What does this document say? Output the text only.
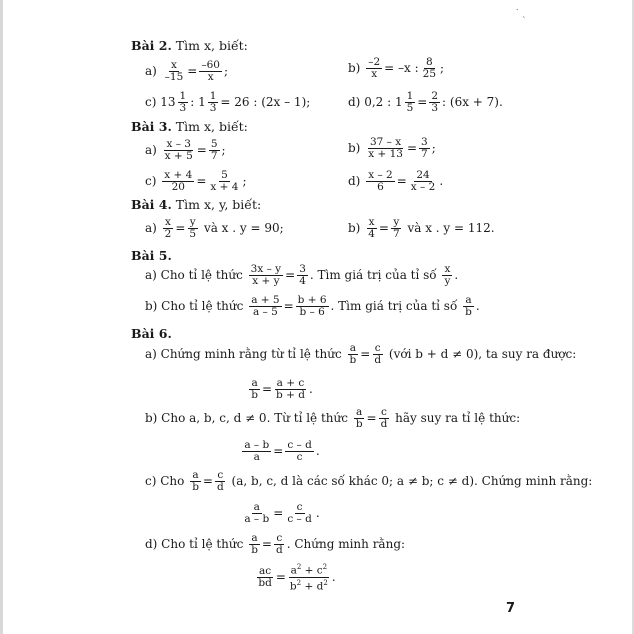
˙ ˎ
Bài 2. Tìm x, biết:
a)
$\frac{x}{-15} = \frac{-60}{x}$ ;	b)
$\frac{-2}{x} = -x$ : 8
25 ;
c)
13 1
3 :
1 1
3 = 26 : (2x – 1);	d)
0,2 : $1 \frac{1}{5} = \frac{2}{3}$ : (6x + 7).
Bài 3. Tìm x, biết:
a)
$\frac{x - 3}{x + 5} = \frac{5}{7}$ ;	b)
$\frac{37 - x}{x + 13} = \frac{3}{7}$ ;
c)
$\frac{x + 4}{20} = \frac{5}{x + 4}$ ;	d)
$\frac{x - 2}{6} = \frac{24}{x - 2}$ .
Bài 4. Tìm x, y, biết:
a)
$\frac{x}{2} = \frac{y}{5}$
và x . y = 90;	b)
$\frac{x}{4} = \frac{y}{7}$
và x . y = 112.
Bài 5.
a) Cho tỉ lệ thức
$\frac{3x - y}{x + y} = \frac{3}{4}$ . Tìm giá trị của tỉ số
x
y .
b) Cho tỉ lệ thức
$\frac{a + 5}{a - 5} = \frac{b + 6}{b - 6}$ . Tìm giá trị của tỉ số
a
b .
Bài 6.
a) Chứng minh rằng từ tỉ lệ thức
$\frac{a}{b} = \frac{c}{d}$
(với b + d ≠ 0), ta suy ra được:
$\frac{a}{b} = \frac{a + c}{b + d}$ .
b) Cho a, b, c, d ≠ 0. Từ tỉ lệ thức
$\frac{a}{b} = \frac{c}{d}$
hãy suy ra tỉ lệ thức:
$\frac{a - b}{a} = \frac{c - d}{c}$ .
c) Cho
$\frac{a}{b} = \frac{c}{d}$
(a, b, c, d là các số khác 0; a ≠ b; c ≠ d). Chứng minh rằng:
$\frac{a}{a - b} = \frac{c}{c - d}$ .
d) Cho tỉ lệ thức
$\frac{a}{b} = \frac{c}{d}$ . Chứng minh rằng:
$\frac{ac}{bd} = \frac{a^2 + c^2}{b^2 + d^2}$ .
7
